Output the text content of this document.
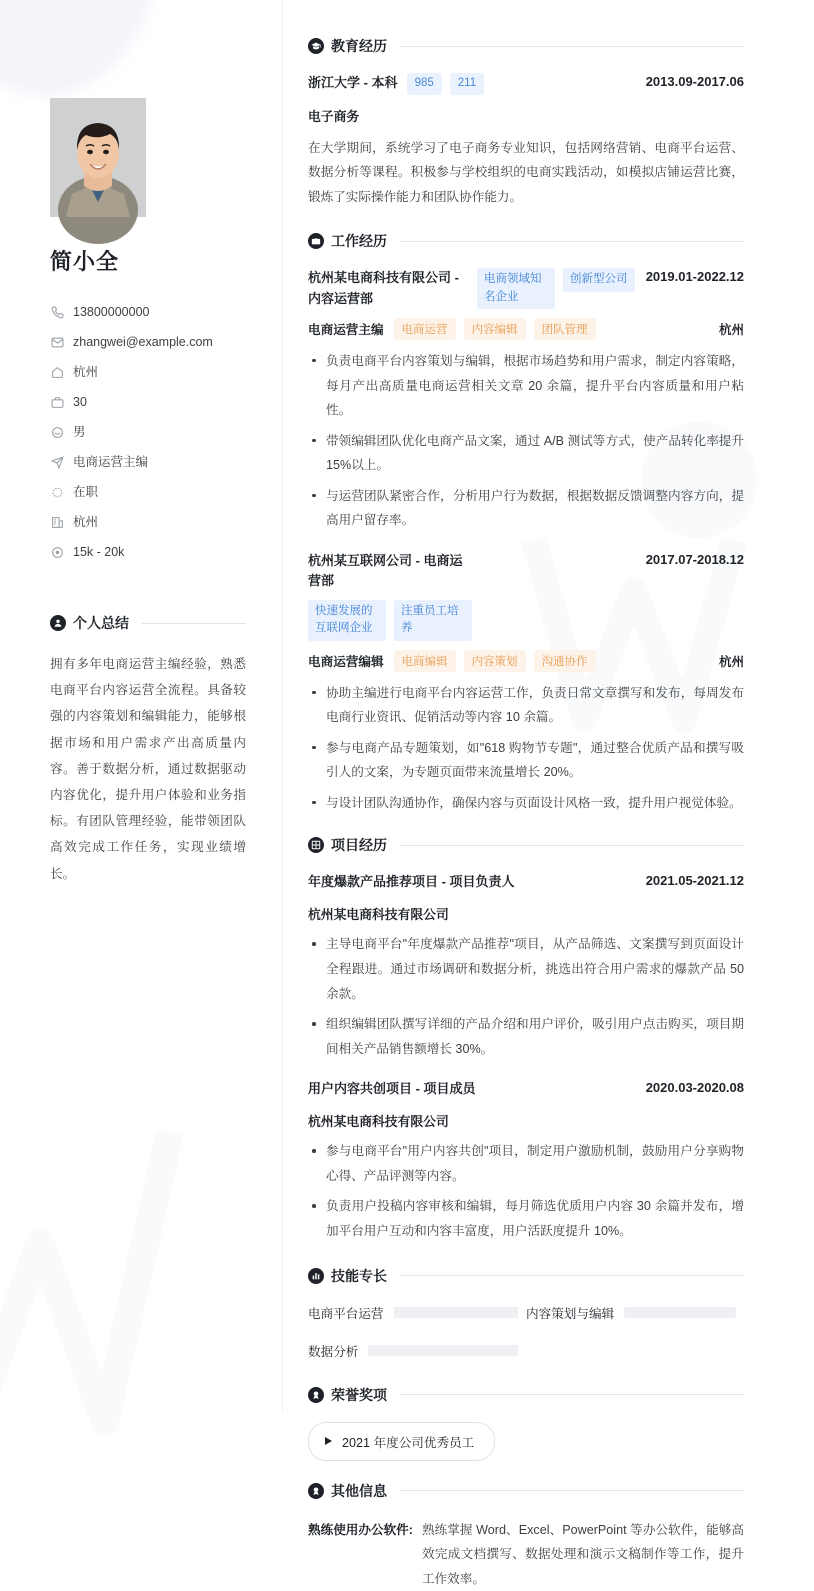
简小全
13800000000
zhangwei@example.com
杭州
30
男
电商运营主编
在职
杭州
15k - 20k
个人总结
拥有多年电商运营主编经验，熟悉电商平台内容运营全流程。具备较强的内容策划和编辑能力，能够根据市场和用户需求产出高质量内容。善于数据分析，通过数据驱动内容优化，提升用户体验和业务指标。有团队管理经验，能带领团队高效完成工作任务，实现业绩增长。
教育经历
浙江大学 - 本科	985	211	2013.09-2017.06
电子商务
在大学期间，系统学习了电子商务专业知识，包括网络营销、电商平台运营、数据分析等课程。积极参与学校组织的电商实践活动，如模拟店铺运营比赛，锻炼了实际操作能力和团队协作能力。
工作经历
杭州某电商科技有限公司 - 内容运营部
电商领域知名企业
创新型公司	2019.01-2022.12
电商运营主编	电商运营	内容编辑	团队管理	杭州
负责电商平台内容策划与编辑，根据市场趋势和用户需求，制定内容策略，每月产出高质量电商运营相关文章 20 余篇，提升平台内容质量和用户粘性。
带领编辑团队优化电商产品文案，通过 A/B 测试等方式，使产品转化率提升 15%以上。
与运营团队紧密合作，分析用户行为数据，根据数据反馈调整内容方向，提高用户留存率。
杭州某互联网公司 - 电商运营部
快速发展的互联网企业
注重员工培养
2017.07-2018.12
电商运营编辑	电商编辑	内容策划	沟通协作	杭州
协助主编进行电商平台内容运营工作，负责日常文章撰写和发布，每周发布电商行业资讯、促销活动等内容 10 余篇。
参与电商产品专题策划，如"618 购物节专题"，通过整合优质产品和撰写吸引人的文案，为专题页面带来流量增长 20%。
与设计团队沟通协作，确保内容与页面设计风格一致，提升用户视觉体验。
项目经历
年度爆款产品推荐项目 - 项目负责人	2021.05-2021.12
杭州某电商科技有限公司
主导电商平台"年度爆款产品推荐"项目，从产品筛选、文案撰写到页面设计全程跟进。通过市场调研和数据分析，挑选出符合用户需求的爆款产品 50 余款。
组织编辑团队撰写详细的产品介绍和用户评价，吸引用户点击购买，项目期间相关产品销售额增长 30%。
用户内容共创项目 - 项目成员	2020.03-2020.08
杭州某电商科技有限公司
参与电商平台"用户内容共创"项目，制定用户激励机制，鼓励用户分享购物心得、产品评测等内容。
负责用户投稿内容审核和编辑，每月筛选优质用户内容 30 余篇并发布，增加平台用户互动和内容丰富度，用户活跃度提升 10%。
技能专长
电商平台运营	内容策划与编辑
数据分析
荣誉奖项
2021 年度公司优秀员工
其他信息
熟练使用办公软件: 熟练掌握 Word、Excel、PowerPoint 等办公软件，能够高效完成文档撰写、数据处理和演示文稿制作等工作，提升工作效率。
